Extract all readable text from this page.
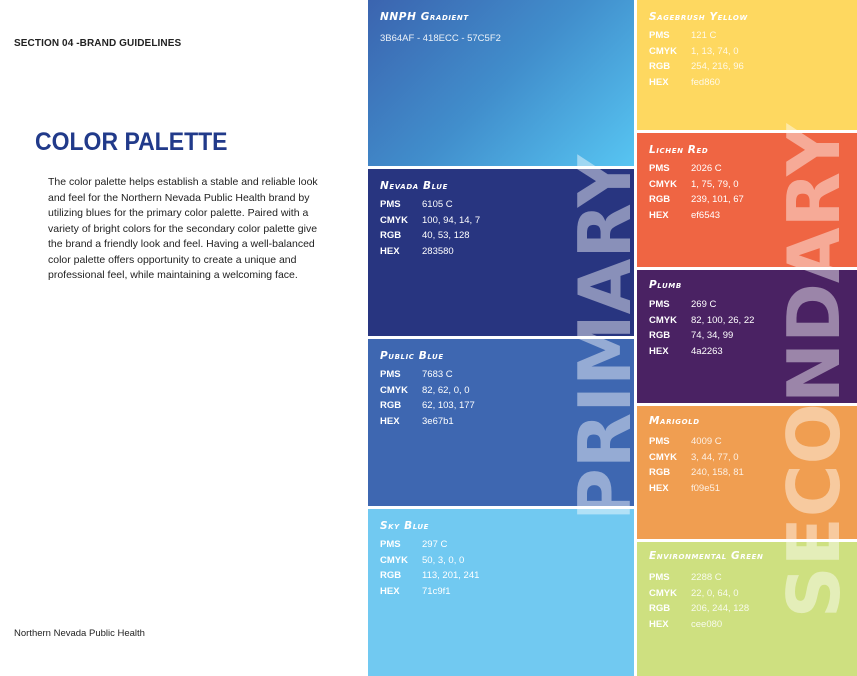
SECTION 04 -BRAND GUIDELINES
COLOR PALETTE
The color palette helps establish a stable and reliable look and feel for the Northern Nevada Public Health brand by utilizing blues for the primary color palette. Paired with a variety of bright colors for the secondary color palette give the brand a friendly look and feel. Having a well-balanced color palette offers opportunity to create a unique and professional feel, while maintaining a welcoming face.
Northern Nevada Public Health
NNPH Gradient
3B64AF - 418ECC - 57C5F2
Nevada Blue
PMS	6105 C
CMYK	100, 94, 14, 7
RGB	40, 53, 128
HEX	283580
Public Blue
PMS	7683 C
CMYK	82, 62, 0, 0
RGB	62, 103, 177
HEX	3e67b1
Sky Blue
PMS	297 C
CMYK	50, 3, 0, 0
RGB	113, 201, 241
HEX	71c9f1
Sagebrush Yellow
PMS	121 C
CMYK	1, 13, 74, 0
RGB	254, 216, 96
HEX	fed860
Lichen Red
PMS	2026 C
CMYK	1, 75, 79, 0
RGB	239, 101, 67
HEX	ef6543
Plumb
PMS	269 C
CMYK	82, 100, 26, 22
RGB	74, 34, 99
HEX	4a2263
Marigold
PMS	4009 C
CMYK	3, 44, 77, 0
RGB	240, 158, 81
HEX	f09e51
Environmental Green
PMS	2288 C
CMYK	22, 0, 64, 0
RGB	206, 244, 128
HEX	cee080
PRIMARY SECONDARY
